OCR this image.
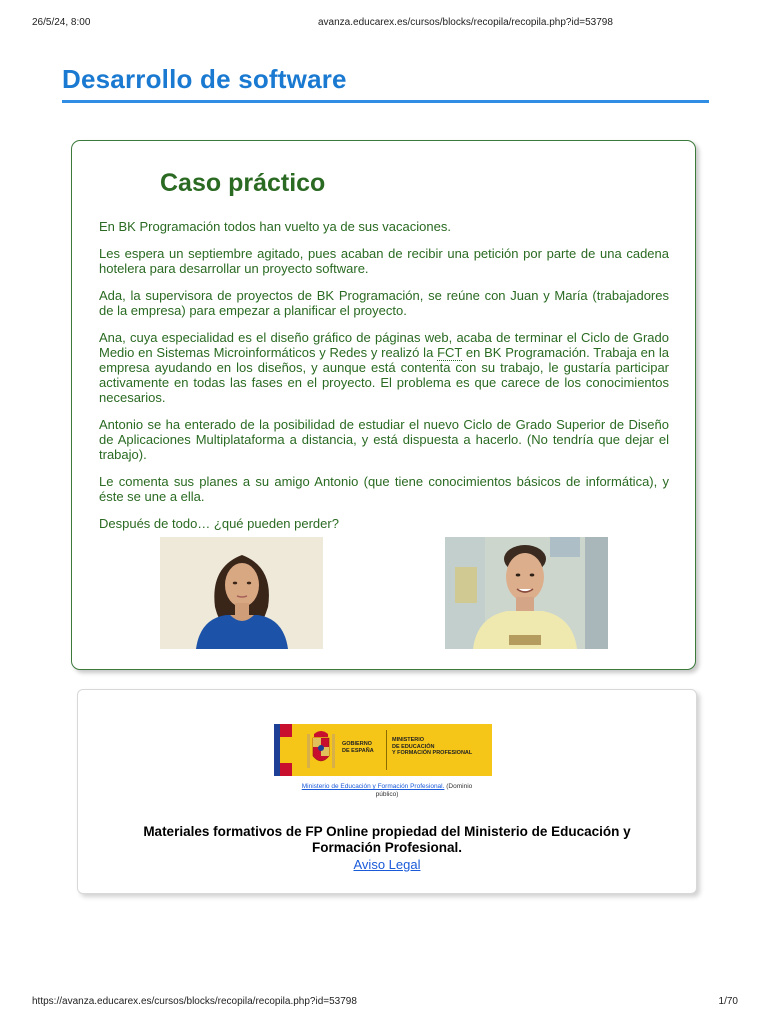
26/5/24, 8:00	avanza.educarex.es/cursos/blocks/recopila/recopila.php?id=53798
Desarrollo de software
Caso práctico

En BK Programación todos han vuelto ya de sus vacaciones.

Les espera un septiembre agitado, pues acaban de recibir una petición por parte de una cadena hotelera para desarrollar un proyecto software.

Ada, la supervisora de proyectos de BK Programación, se reúne con Juan y María (trabajadores de la empresa) para empezar a planificar el proyecto.

Ana, cuya especialidad es el diseño gráfico de páginas web, acaba de terminar el Ciclo de Grado Medio en Sistemas Microinformáticos y Redes y realizó la FCT en BK Programación. Trabaja en la empresa ayudando en los diseños, y aunque está contenta con su trabajo, le gustaría participar activamente en todas las fases en el proyecto. El problema es que carece de los conocimientos necesarios.

Antonio se ha enterado de la posibilidad de estudiar el nuevo Ciclo de Grado Superior de Diseño de Aplicaciones Multiplataforma a distancia, y está dispuesta a hacerlo. (No tendría que dejar el trabajo).

Le comenta sus planes a su amigo Antonio (que tiene conocimientos básicos de informática), y éste se une a ella.

Después de todo… ¿qué pueden perder?

GOBIERNO
DE ESPAÑA
MINISTERIO
DE EDUCACIÓN
Y FORMACIÓN PROFESIONAL
Ministerio de Educación y Formación Profesional. (Dominio
público)
Materiales formativos de FP Online propiedad del Ministerio de Educación y
Formación Profesional.
Aviso Legal
https://avanza.educarex.es/cursos/blocks/recopila/recopila.php?id=53798	1/70
